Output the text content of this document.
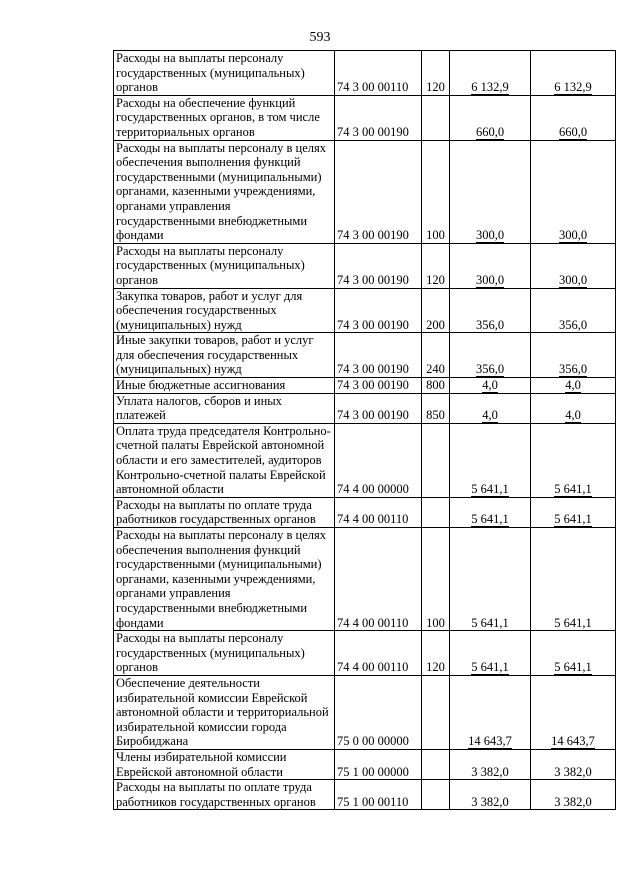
593
Расходы на выплаты персоналу государственных (муниципальных) органов	74 3 00 00110	120	6 132,9	6 132,9
Расходы на обеспечение функций государственных органов, в том числе территориальных органов	74 3 00 00190		660,0	660,0
Расходы на выплаты персоналу в целях обеспечения выполнения функций государственными (муниципальными) органами, казенными учреждениями, органами управления государственными внебюджетными фондами	74 3 00 00190	100	300,0	300,0
Расходы на выплаты персоналу государственных (муниципальных) органов	74 3 00 00190	120	300,0	300,0
Закупка товаров, работ и услуг для обеспечения государственных (муниципальных) нужд	74 3 00 00190	200	356,0	356,0
Иные закупки товаров, работ и услуг для обеспечения государственных (муниципальных) нужд	74 3 00 00190	240	356,0	356,0
Иные бюджетные ассигнования	74 3 00 00190	800	4,0	4,0
Уплата налогов, сборов и иных платежей	74 3 00 00190	850	4,0	4,0
Оплата труда председателя Контрольно-счетной палаты Еврейской автономной области и его заместителей, аудиторов Контрольно-счетной палаты Еврейской автономной области	74 4 00 00000		5 641,1	5 641,1
Расходы на выплаты по оплате труда работников государственных органов	74 4 00 00110		5 641,1	5 641,1
Расходы на выплаты персоналу в целях обеспечения выполнения функций государственными (муниципальными) органами, казенными учреждениями, органами управления государственными внебюджетными фондами	74 4 00 00110	100	5 641,1	5 641,1
Расходы на выплаты персоналу государственных (муниципальных) органов	74 4 00 00110	120	5 641,1	5 641,1
Обеспечение деятельности избирательной комиссии Еврейской автономной области и территориальной избирательной комиссии города Биробиджана	75 0 00 00000		14 643,7	14 643,7
Члены избирательной комиссии Еврейской автономной области	75 1 00 00000		3 382,0	3 382,0
Расходы на выплаты по оплате труда работников государственных органов	75 1 00 00110		3 382,0	3 382,0
